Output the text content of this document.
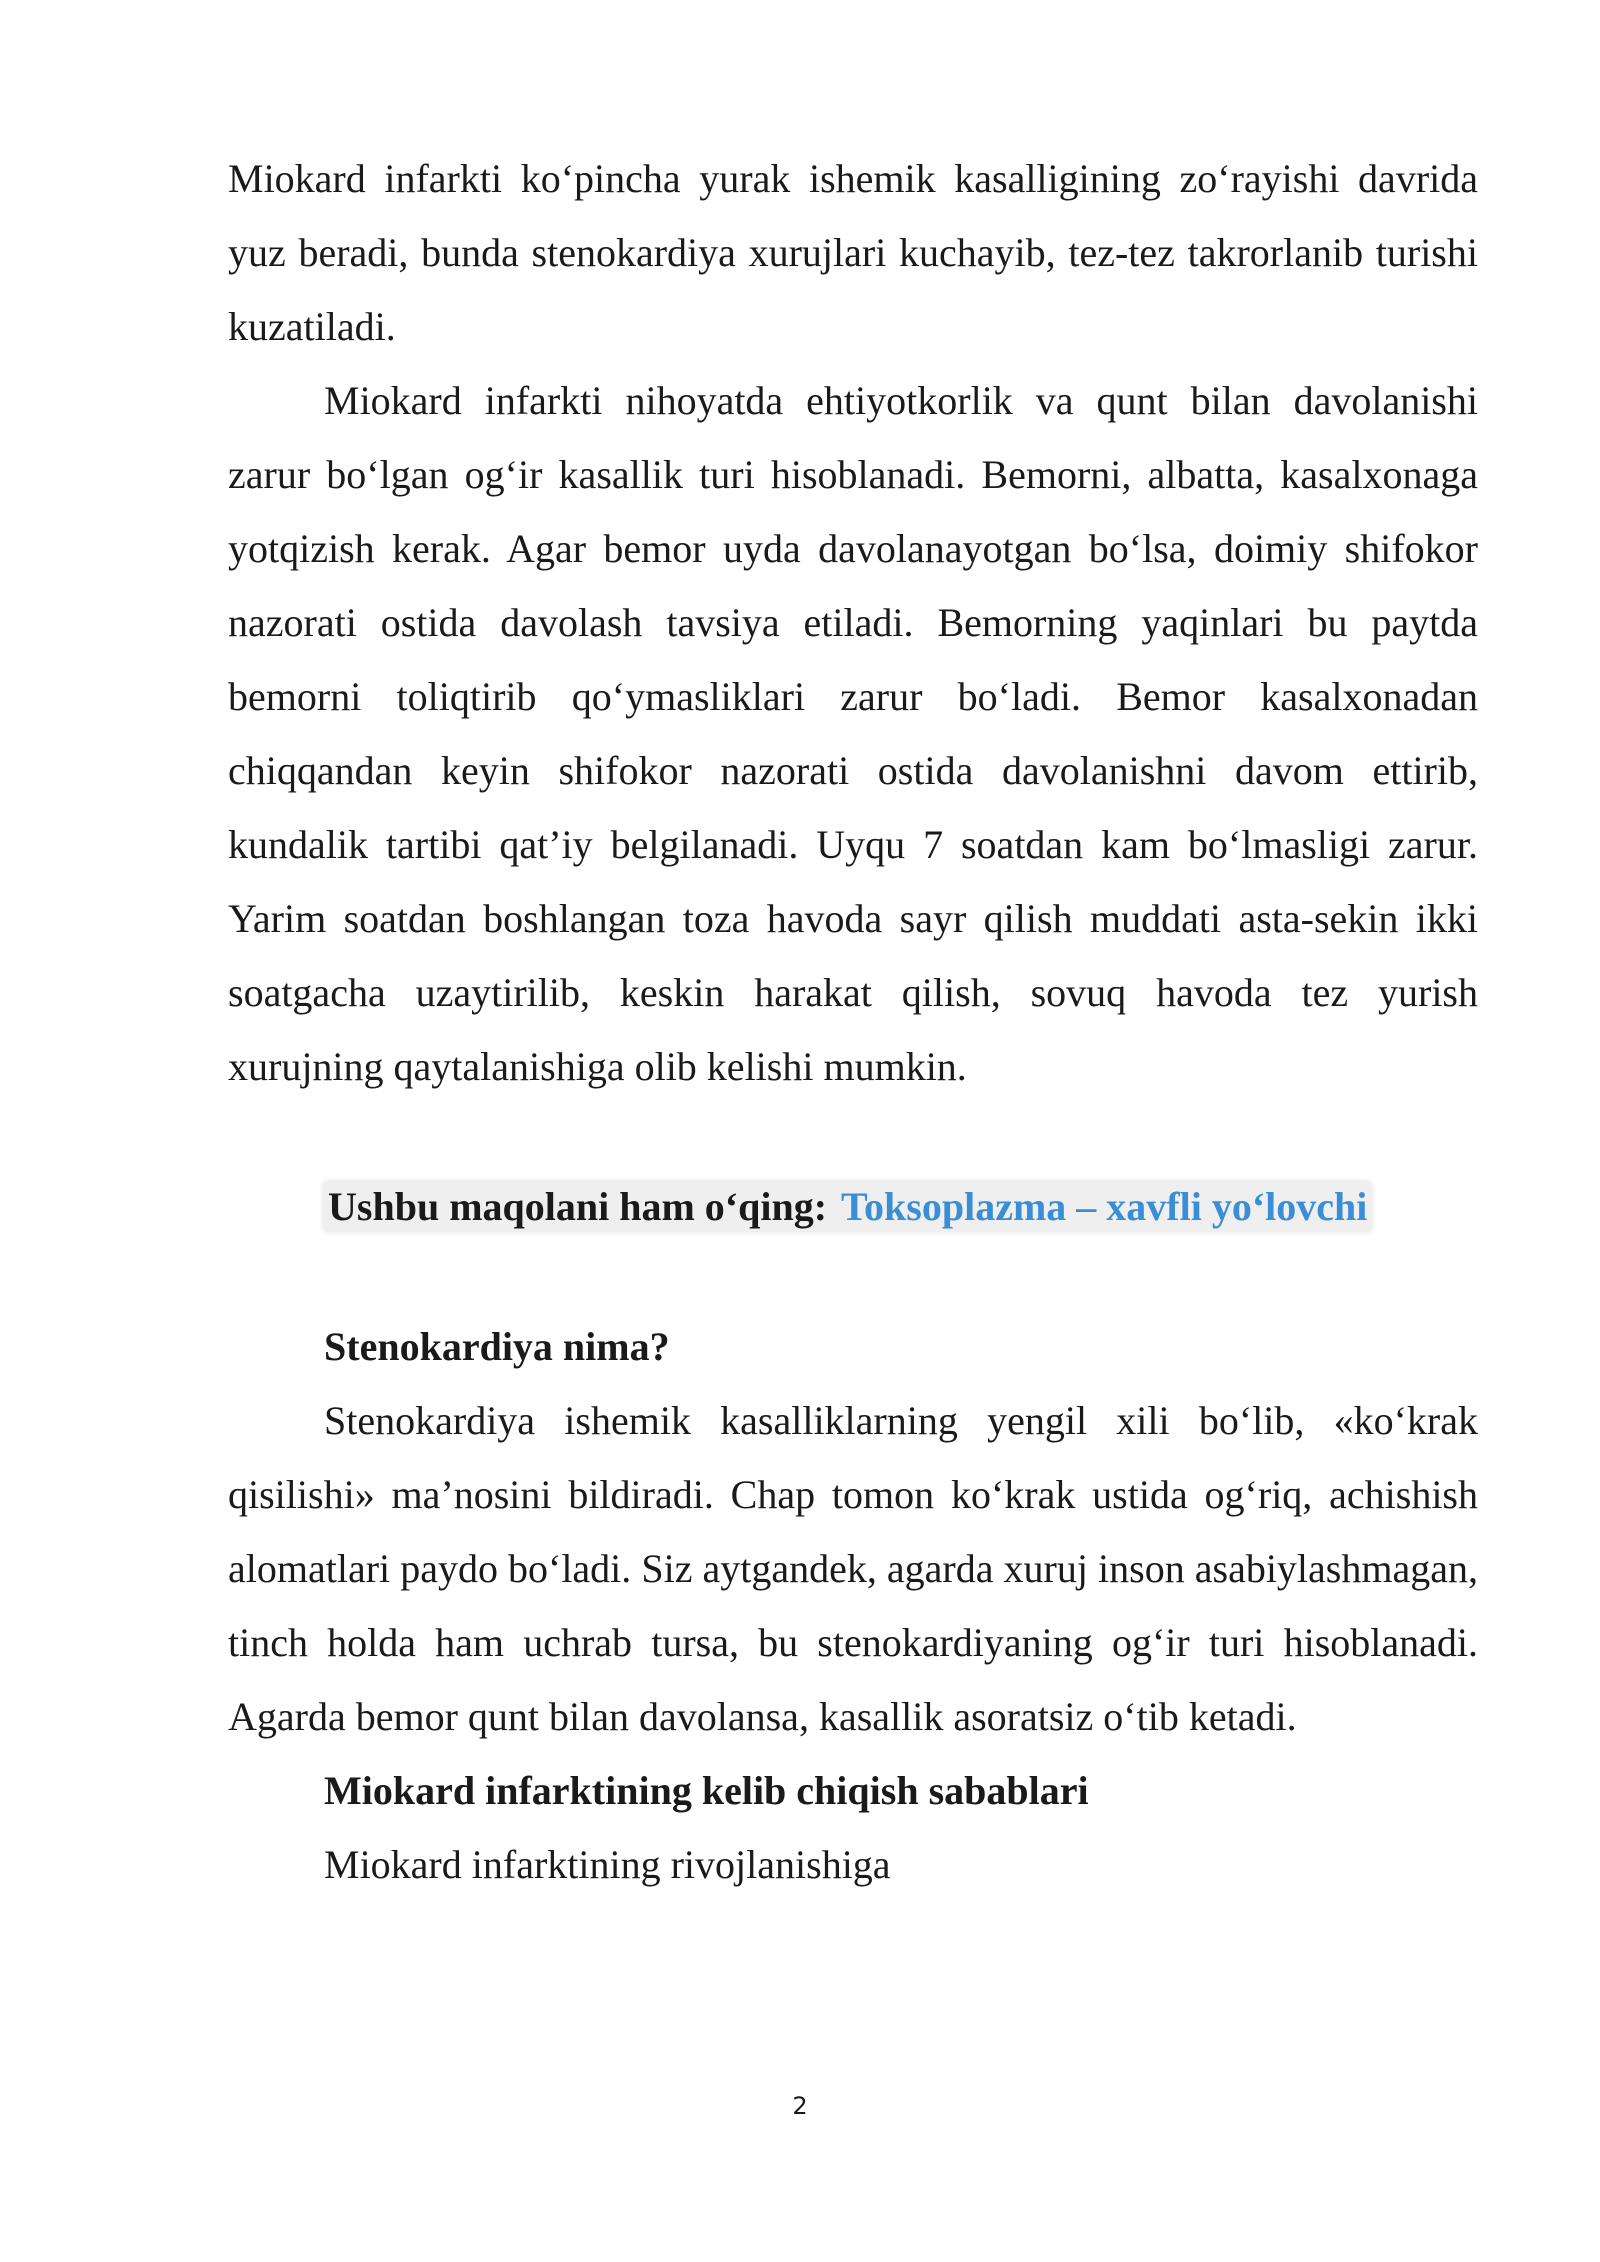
Miokard infarkti ko‘pincha yurak ishemik kasalligining zo‘rayishi davrida yuz beradi, bunda stenokardiya xurujlari kuchayib, tez-tez takrorlanib turishi kuzatiladi.

Miokard infarkti nihoyatda ehtiyotkorlik va qunt bilan davolanishi zarur bo‘lgan og‘ir kasallik turi hisoblanadi. Bemorni, albatta, kasalxonaga yotqizish kerak. Agar bemor uyda davolanayotgan bo‘lsa, doimiy shifokor nazorati ostida davolash tavsiya etiladi. Bemorning yaqinlari bu paytda bemorni toliqtirib qo‘ymasliklari zarur bo‘ladi. Bemor kasalxonadan chiqqandan keyin shifokor nazorati ostida davolanishni davom ettirib, kundalik tartibi qat’iy belgilanadi. Uyqu 7 soatdan kam bo‘lmasligi zarur. Yarim soatdan boshlangan toza havoda sayr qilish muddati asta-sekin ikki soatgacha uzaytirilib, keskin harakat qilish, sovuq havoda tez yurish xurujning qaytalanishiga olib kelishi mumkin.

Ushbu maqolani ham o‘qing: Toksoplazma – xavfli yo‘lovchi
Stenokardiya nima?

Stenokardiya ishemik kasalliklarning yengil xili bo‘lib, «ko‘krak qisilishi» ma’nosini bildiradi. Chap tomon ko‘krak ustida og‘riq, achishish alomatlari paydo bo‘ladi. Siz aytgandek, agarda xuruj inson asabiylashmagan, tinch holda ham uchrab tursa, bu stenokardiyaning og‘ir turi hisoblanadi. Agarda bemor qunt bilan davolansa, kasallik asoratsiz o‘tib ketadi.

Miokard infarktining kelib chiqish sabablari

Miokard infarktining rivojlanishiga

2
